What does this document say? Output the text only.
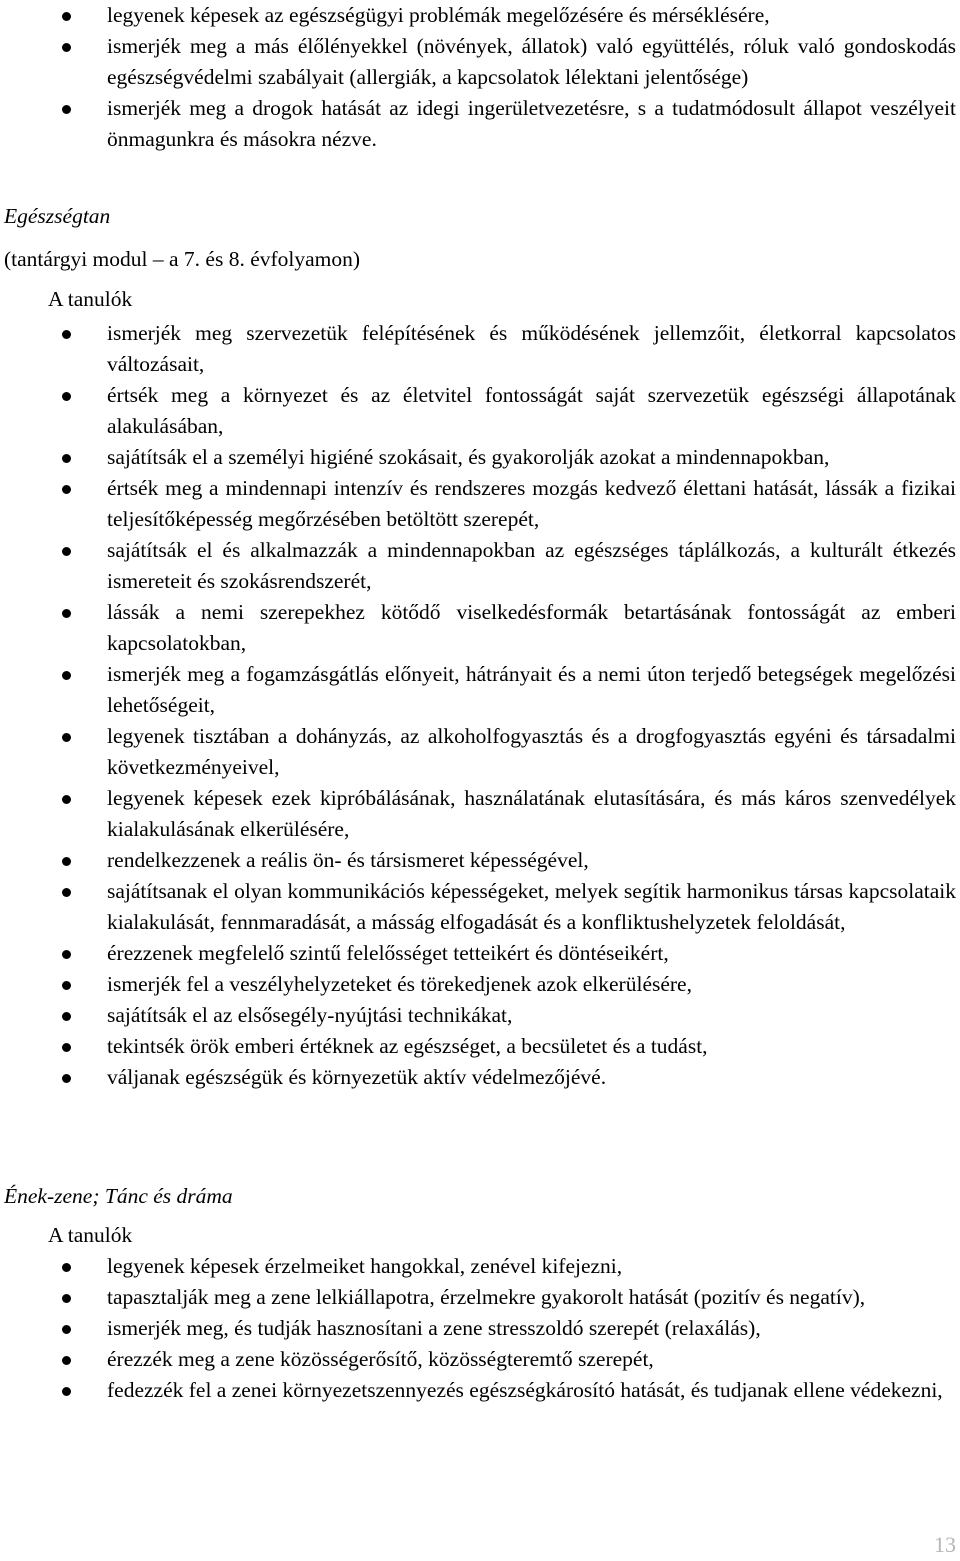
legyenek képesek az egészségügyi problémák megelőzésére és mérséklésére,
ismerjék meg a más élőlényekkel (növények, állatok) való együttélés, róluk való gondoskodás egészségvédelmi szabályait (allergiák, a kapcsolatok lélektani jelentősége)
ismerjék meg a drogok hatását az idegi ingerületvezetésre, s a tudatmódosult állapot veszélyeit önmagunkra és másokra nézve.
Egészségtan
(tantárgyi modul – a 7. és 8. évfolyamon)
A tanulók
ismerjék meg szervezetük felépítésének és működésének jellemzőit, életkorral kapcsolatos változásait,
értsék meg a környezet és az életvitel fontosságát saját szervezetük egészségi állapotának alakulásában,
sajátítsák el a személyi higiéné szokásait, és gyakorolják azokat a mindennapokban,
értsék meg a mindennapi intenzív és rendszeres mozgás kedvező élettani hatását, lássák a fizikai teljesítőképesség megőrzésében betöltött szerepét,
sajátítsák el és alkalmazzák a mindennapokban az egészséges táplálkozás, a kulturált étkezés ismereteit és szokásrendszerét,
lássák a nemi szerepekhez kötődő viselkedésformák betartásának fontosságát az emberi kapcsolatokban,
ismerjék meg a fogamzásgátlás előnyeit, hátrányait és a nemi úton terjedő betegségek megelőzési lehetőségeit,
legyenek tisztában a dohányzás, az alkoholfogyasztás és a drogfogyasztás egyéni és társadalmi következményeivel,
legyenek képesek ezek kipróbálásának, használatának elutasítására, és más káros szenvedélyek kialakulásának elkerülésére,
rendelkezzenek a reális ön- és társismeret képességével,
sajátítsanak el olyan kommunikációs képességeket, melyek segítik harmonikus társas kapcsolataik kialakulását, fennmaradását, a másság elfogadását és a konfliktushelyzetek feloldását,
érezzenek megfelelő szintű felelősséget tetteikért és döntéseikért,
ismerjék fel a veszélyhelyzeteket és törekedjenek azok elkerülésére,
sajátítsák el az elsősegély-nyújtási technikákat,
tekintsék örök emberi értéknek az egészséget, a becsületet és a tudást,
váljanak egészségük és környezetük aktív védelmezőjévé.
Ének-zene; Tánc és dráma
A tanulók
legyenek képesek érzelmeiket hangokkal, zenével kifejezni,
tapasztalják meg a zene lelkiállapotra, érzelmekre gyakorolt hatását (pozitív és negatív),
ismerjék meg, és tudják hasznosítani a zene stresszoldó szerepét (relaxálás),
érezzék meg a zene közösségerősítő, közösségteremtő szerepét,
fedezzék fel a zenei környezetszennyezés egészségkárosító hatását, és tudjanak ellene védekezni,
13
